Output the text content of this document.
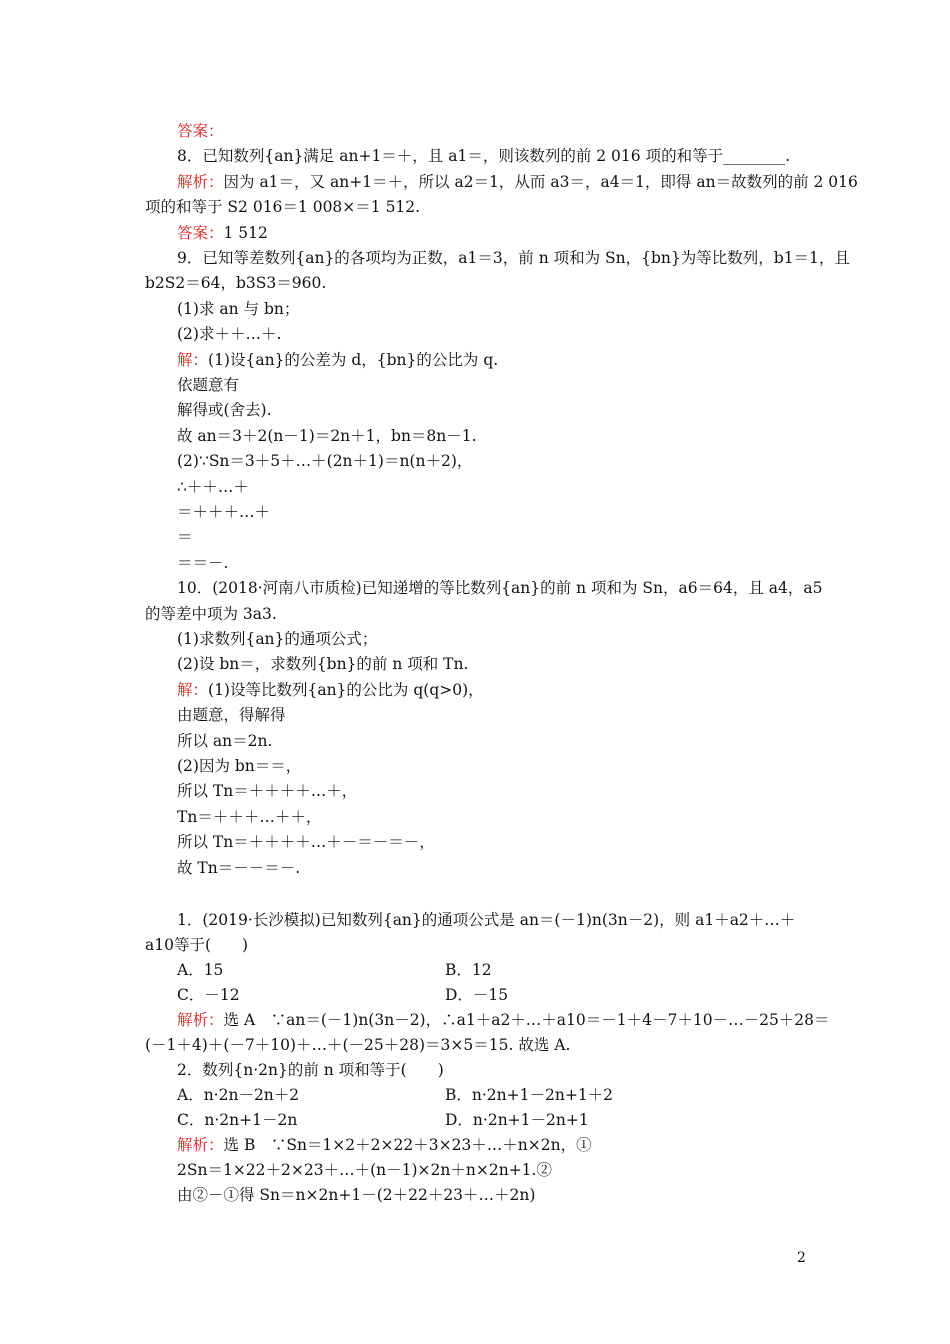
答案：
8．已知数列{an}满足 an+1＝＋，且 a1＝，则该数列的前 2 016 项的和等于________.
解析：因为 a1＝，又 an+1＝＋，所以 a2＝1，从而 a3＝，a4＝1，即得 an＝故数列的前 2 016
项的和等于 S2 016＝1 008×＝1 512.
答案：1 512
9．已知等差数列{an}的各项均为正数，a1＝3，前 n 项和为 Sn，{bn}为等比数列，b1＝1，且
b2S2＝64，b3S3＝960.
(1)求 an 与 bn；
(2)求＋＋…＋.
解：(1)设{an}的公差为 d，{bn}的公比为 q.
依题意有
解得或(舍去).
故 an＝3＋2(n－1)＝2n＋1，bn＝8n－1.
(2)∵Sn＝3＋5＋…＋(2n＋1)＝n(n＋2)，
∴＋＋…＋
＝＋＋＋…＋
＝
＝＝－.
10．(2018·河南八市质检)已知递增的等比数列{an}的前 n 项和为 Sn，a6＝64，且 a4，a5
的等差中项为 3a3.
(1)求数列{an}的通项公式；
(2)设 bn＝，求数列{bn}的前 n 项和 Tn.
解：(1)设等比数列{an}的公比为 q(q>0)，
由题意，得解得
所以 an＝2n.
(2)因为 bn＝＝，
所以 Tn＝＋＋＋＋…＋，
Tn＝＋＋＋…＋＋，
所以 Tn＝＋＋＋＋…＋－＝－＝－，
故 Tn＝－－＝－.
1．(2019·长沙模拟)已知数列{an}的通项公式是 an＝(－1)n(3n－2)，则 a1＋a2＋…＋
a10等于(　　)
A．15	B．12
C．－12	D．－15
解析：选 A　∵an＝(－1)n(3n－2)，∴a1＋a2＋…＋a10＝－1＋4－7＋10－…－25＋28＝
(－1＋4)＋(－7＋10)＋…＋(－25＋28)＝3×5＝15. 故选 A.
2．数列{n·2n}的前 n 项和等于(　　)
A．n·2n－2n＋2	B．n·2n+1－2n+1＋2
C．n·2n+1－2n	D．n·2n+1－2n+1
解析：选 B　∵Sn＝1×2＋2×22＋3×23＋…＋n×2n，①
2Sn＝1×22＋2×23＋…＋(n－1)×2n＋n×2n+1.②
由②－①得 Sn＝n×2n+1－(2＋22＋23＋…＋2n)
2
